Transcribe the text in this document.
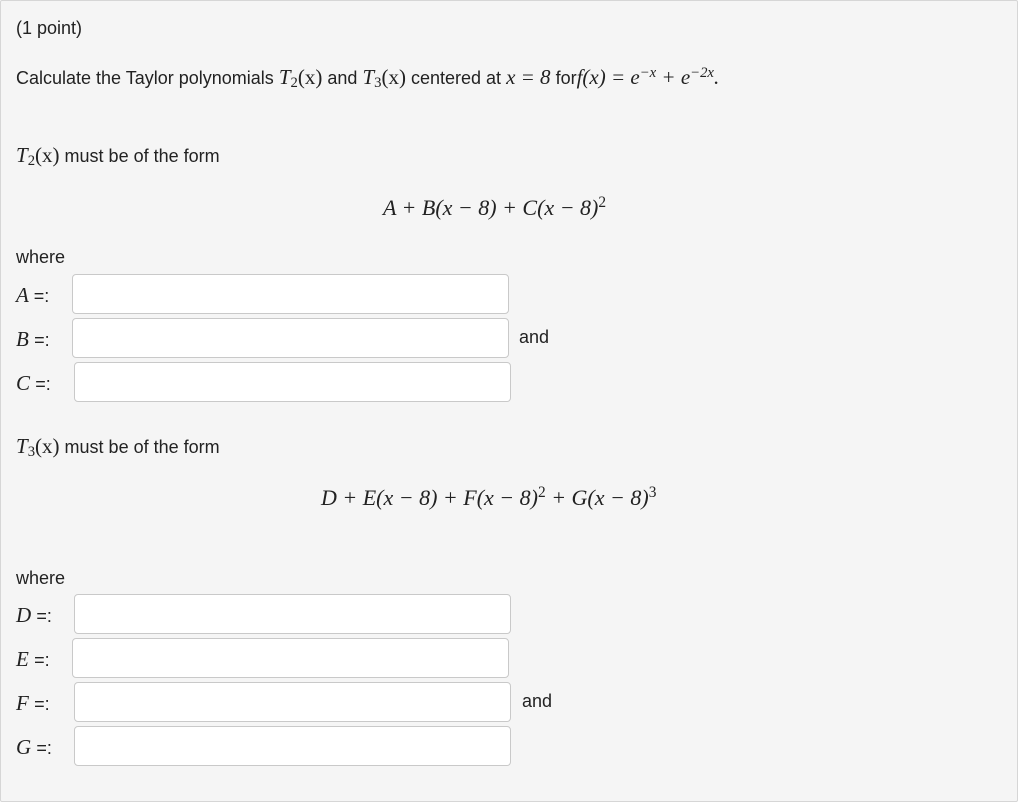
(1 point)
Calculate the Taylor polynomials T2(x) and T3(x) centered at x = 8 forf(x) = $e^{-x} + e^{-2x}$.
T2(x) must be of the form
$A + B(x - 8) + C(x - 8)^2$
where
A =:
B =:	and
C =:
T3(x) must be of the form
$D + E(x - 8) + F(x - 8)^2 + G(x - 8)^3$
where
D =:
E =:
F =:	and
G =:
